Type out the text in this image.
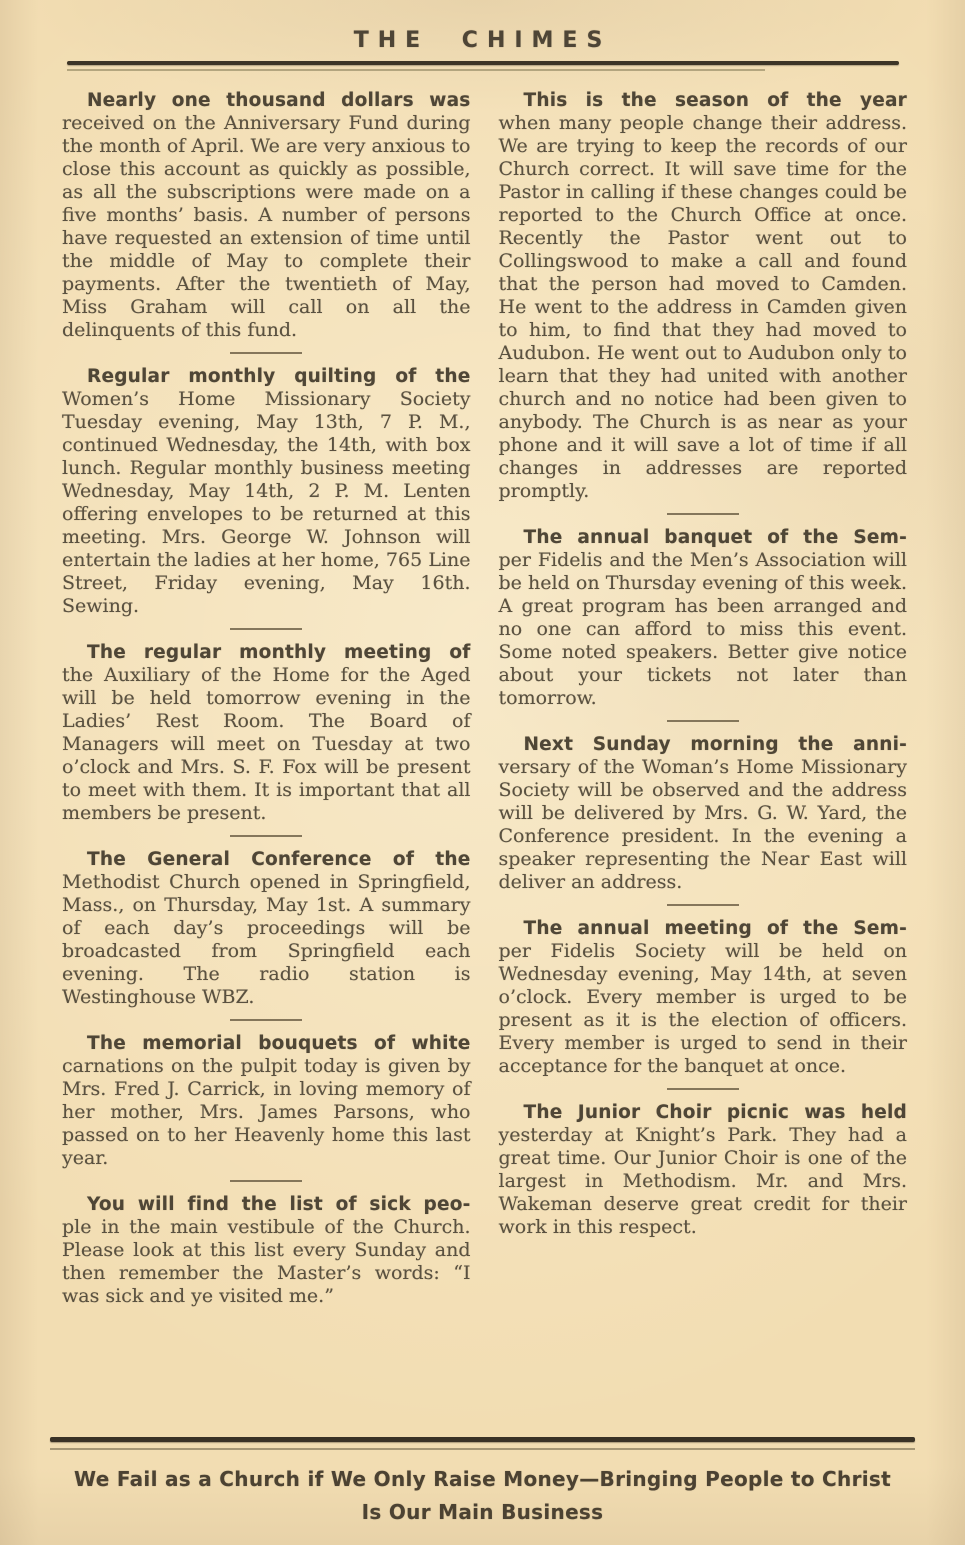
THE CHIMES

Nearly one thousand dollars was
received on the Anniversary Fund during the month of April. We are very anxious to close this account as quickly as possible, as all the subscriptions were made on a five months’ basis. A number of persons have requested an extension of time until the middle of May to complete their payments. After the twentieth of May, Miss Graham will call on all the delinquents of this fund.

Regular monthly quilting of the
Women’s Home Missionary Society Tuesday evening, May 13th, 7 P. M., continued Wednesday, the 14th, with box lunch. Regular monthly business meeting Wednesday, May 14th, 2 P. M. Lenten offering envelopes to be returned at this meeting. Mrs. George W. Johnson will entertain the ladies at her home, 765 Line Street, Friday evening, May 16th. Sewing.

The regular monthly meeting of
the Auxiliary of the Home for the Aged will be held tomorrow evening in the Ladies’ Rest Room. The Board of Managers will meet on Tuesday at two o’clock and Mrs. S. F. Fox will be present to meet with them. It is important that all members be present.

The General Conference of the
Methodist Church opened in Springfield, Mass., on Thursday, May 1st. A summary of each day’s proceedings will be broadcasted from Springfield each evening. The radio station is Westinghouse WBZ.

The memorial bouquets of white
carnations on the pulpit today is given by Mrs. Fred J. Carrick, in loving memory of her mother, Mrs. James Parsons, who passed on to her Heavenly home this last year.

You will find the list of sick peo-
ple in the main vestibule of the Church. Please look at this list every Sunday and then remember the Master’s words: “I was sick and ye visited me.”

This is the season of the year
when many people change their address. We are trying to keep the records of our Church correct. It will save time for the Pastor in calling if these changes could be reported to the Church Office at once. Recently the Pastor went out to Collingswood to make a call and found that the person had moved to Camden. He went to the address in Camden given to him, to find that they had moved to Audubon. He went out to Audubon only to learn that they had united with another church and no notice had been given to anybody. The Church is as near as your phone and it will save a lot of time if all changes in addresses are reported promptly.

The annual banquet of the Sem-
per Fidelis and the Men’s Association will be held on Thursday evening of this week. A great program has been arranged and no one can afford to miss this event. Some noted speakers. Better give notice about your tickets not later than tomorrow.

Next Sunday morning the anni-
versary of the Woman’s Home Missionary Society will be observed and the address will be delivered by Mrs. G. W. Yard, the Conference president. In the evening a speaker representing the Near East will deliver an address.

The annual meeting of the Sem-
per Fidelis Society will be held on Wednesday evening, May 14th, at seven o’clock. Every member is urged to be present as it is the election of officers. Every member is urged to send in their acceptance for the banquet at once.

The Junior Choir picnic was held
yesterday at Knight’s Park. They had a great time. Our Junior Choir is one of the largest in Methodism. Mr. and Mrs. Wakeman deserve great credit for their work in this respect.

We Fail as a Church if We Only Raise Money—Bringing People to Christ
Is Our Main Business
